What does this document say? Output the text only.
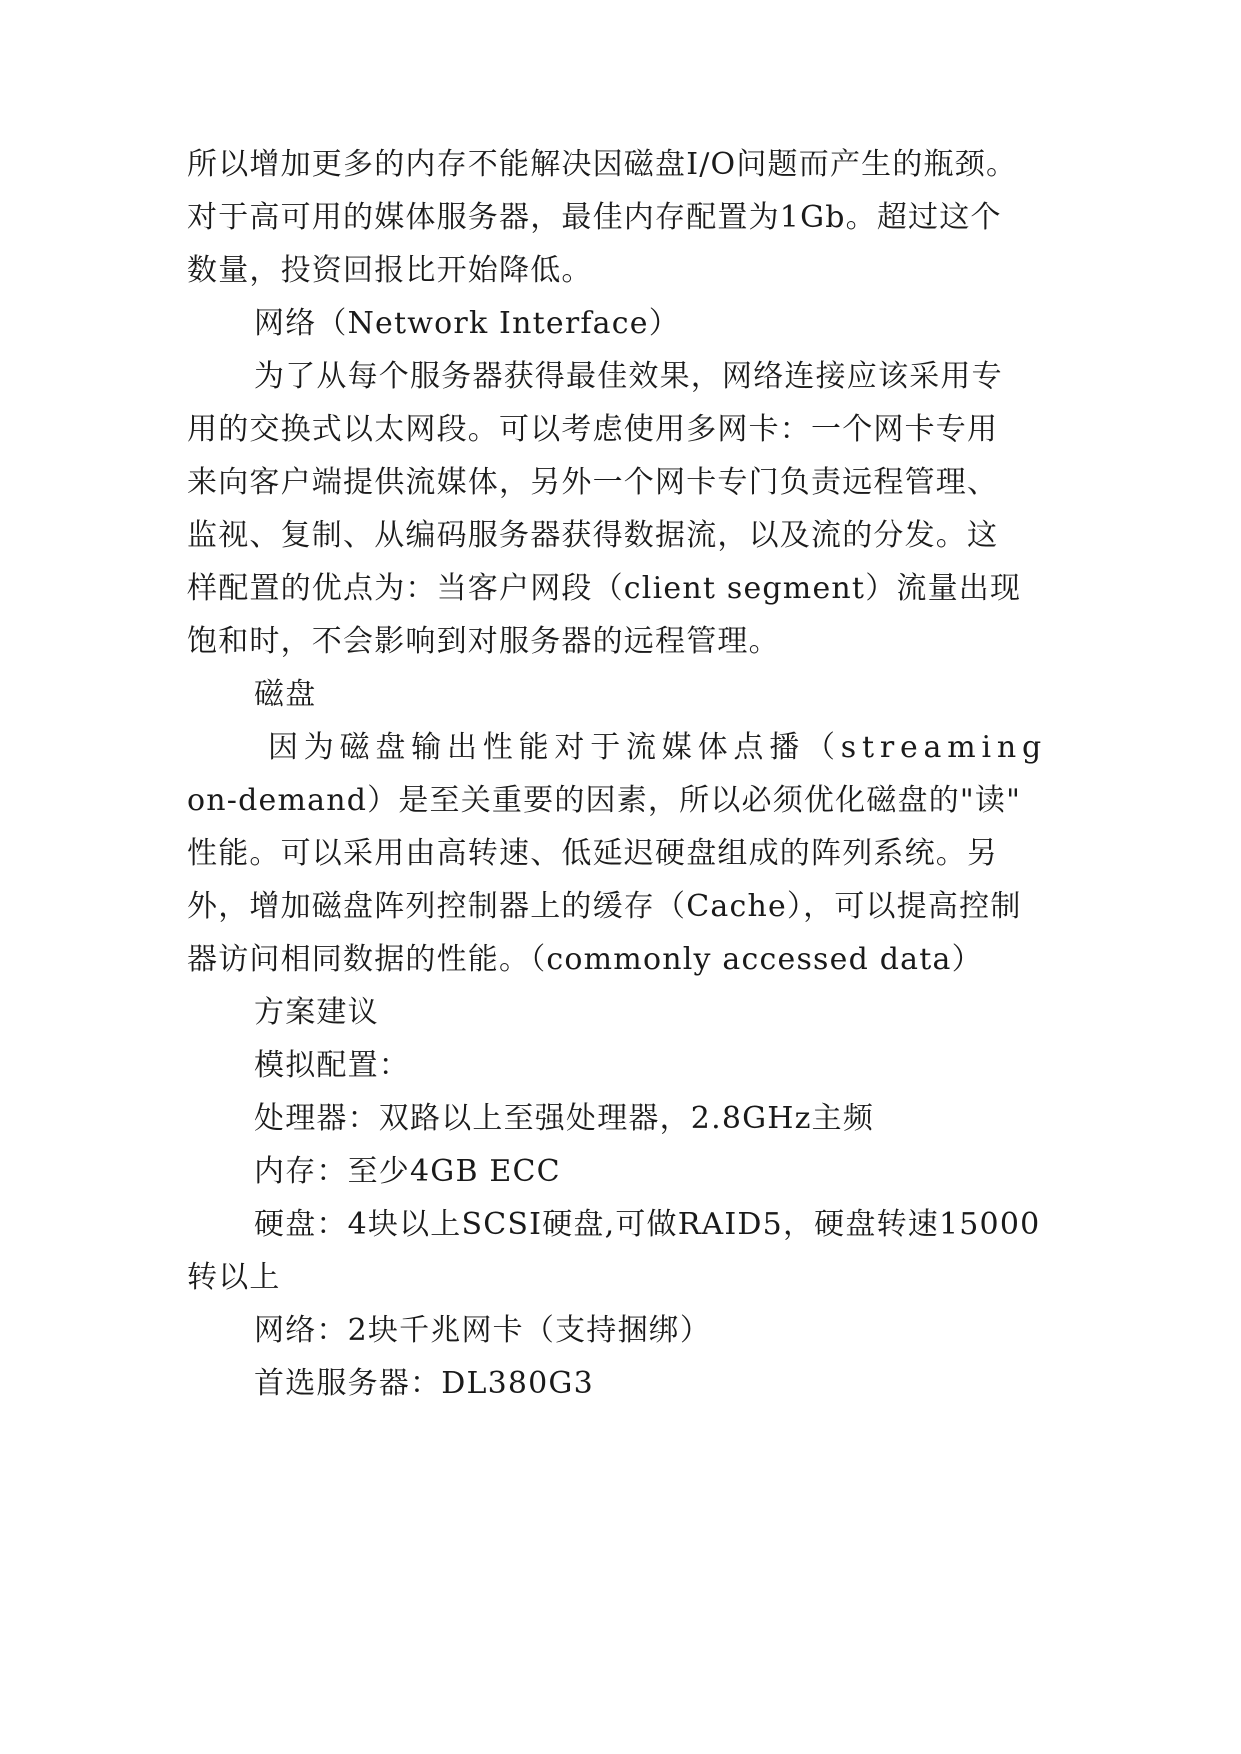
所以增加更多的内存不能解决因磁盘I/O问题而产生的瓶颈。
对于高可用的媒体服务器，最佳内存配置为1Gb。超过这个
数量，投资回报比开始降低。
网络（Network Interface）
为了从每个服务器获得最佳效果，网络连接应该采用专
用的交换式以太网段。可以考虑使用多网卡：一个网卡专用
来向客户端提供流媒体，另外一个网卡专门负责远程管理、
监视、复制、从编码服务器获得数据流，以及流的分发。这
样配置的优点为：当客户网段（client segment）流量出现
饱和时，不会影响到对服务器的远程管理。
磁盘
因为磁盘输出性能对于流媒体点播（streaming
on-demand）是至关重要的因素，所以必须优化磁盘的"读"
性能。可以采用由高转速、低延迟硬盘组成的阵列系统。另
外，增加磁盘阵列控制器上的缓存（Cache），可以提高控制
器访问相同数据的性能。（commonly accessed data）
方案建议
模拟配置：
处理器：双路以上至强处理器，2.8GHz主频
内存：至少4GB ECC
硬盘：4块以上SCSI硬盘,可做RAID5，硬盘转速15000
转以上
网络：2块千兆网卡（支持捆绑）
首选服务器：DL380G3
